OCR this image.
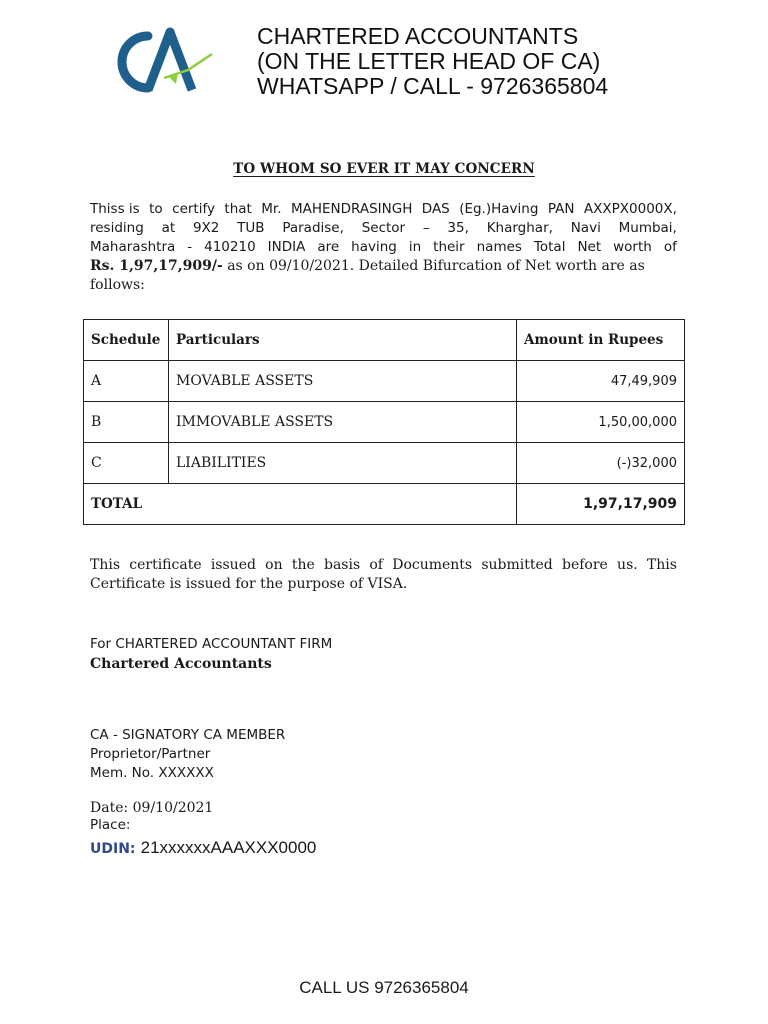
CHARTERED ACCOUNTANTS
(ON THE LETTER HEAD OF CA)
WHATSAPP / CALL - 9726365804
TO WHOM SO EVER IT MAY CONCERN
Thiss is to certify that Mr. MAHENDRASINGH DAS (Eg.)Having PAN AXXPX0000X,
residing at 9X2 TUB Paradise, Sector – 35, Kharghar, Navi Mumbai,
Maharashtra - 410210 INDIA are having in their names Total Net worth of
Rs. 1,97,17,909/-
as on 09/10/2021. Detailed Bifurcation of Net worth are as
follows:
Schedule	Particulars	Amount in Rupees
A	MOVABLE ASSETS	47,49,909
B	IMMOVABLE ASSETS	1,50,00,000
C	LIABILITIES	(-)32,000
TOTAL		1,97,17,909
This certificate issued on the basis of Documents submitted before us. This
Certificate is issued for the purpose of VISA.
For CHARTERED ACCOUNTANT FIRM
Chartered Accountants
CA - SIGNATORY CA MEMBER
Proprietor/Partner
Mem. No. XXXXXX
Date: 09/10/2021
Place:
UDIN: 21xxxxxxAAAXXX0000
CALL US 9726365804
